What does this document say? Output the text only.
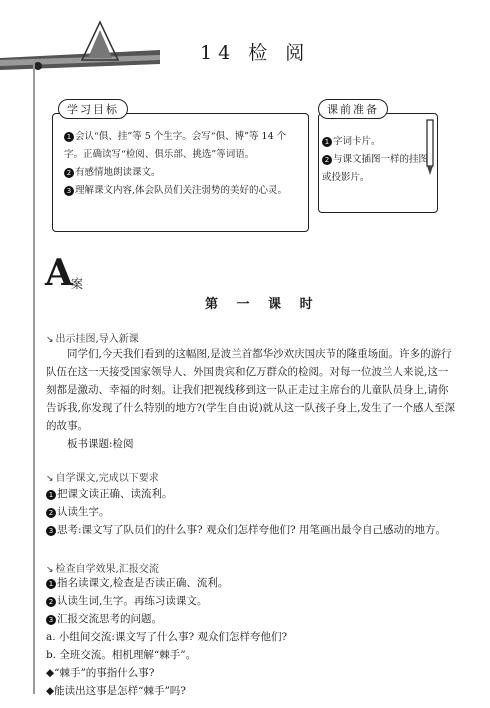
14 检 阅
学习目标
1 会认“俱、挂”等 5 个生字。会写“俱、博”等 14 个字。正确读写“检阅、俱乐部、挑选”等词语。
2 有感情地朗读课文。
3 理解课文内容,体会队员们关注弱势的美好的心灵。
课前准备
1 字词卡片。
2 与课文插图一样的挂图或投影片。
A
案
第 一 课 时
↘ 出示挂图,导入新课
同学们,今天我们看到的这幅图,是波兰首都华沙欢庆国庆节的隆重场面。许多的游行队伍在这一天接受国家领导人、外国贵宾和亿万群众的检阅。对每一位波兰人来说,这一刻都是激动、幸福的时刻。让我们把视线移到这一队正走过主席台的儿童队员身上,请你告诉我,你发现了什么特别的地方?(学生自由说)就从这一队孩子身上,发生了一个感人至深的故事。
板书课题:检阅
↘ 自学课文,完成以下要求
1 把课文读正确、读流利。
2 认读生字。
3 思考:课文写了队员们的什么事? 观众们怎样夸他们? 用笔画出最令自己感动的地方。
↘ 检查自学效果,汇报交流
1 指名读课文,检查是否读正确、流利。
2 认读生词,生字。再练习读课文。
3 汇报交流思考的问题。
a. 小组间交流:课文写了什么事? 观众们怎样夸他们?
b. 全班交流。相机理解“棘手”。
◆“棘手”的事指什么事?
◆能读出这事是怎样“棘手”吗?
